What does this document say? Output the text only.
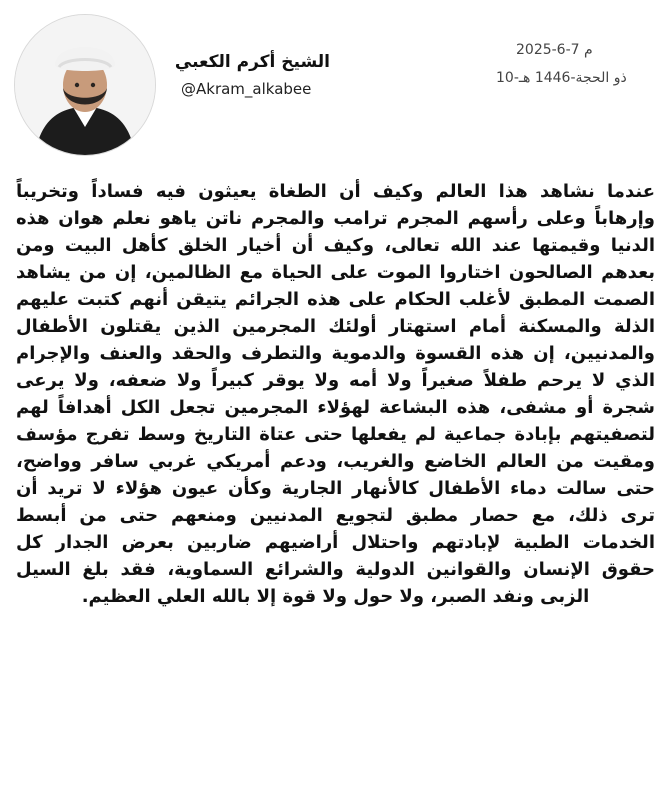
الشيخ أكرم الكعبي
@Akram_alkabee
2025-6-7 م
10-ذو الحجة-1446 هـ

عندما نشاهد هذا العالم وكيف أن الطغاة يعيثون فيه فساداً وتخريباً وإرهاباً وعلى رأسهم المجرم ترامب والمجرم ناتن ياهو نعلم هوان هذه الدنيا وقيمتها عند الله تعالى، وكيف أن أخيار الخلق كأهل البيت ومن بعدهم الصالحون اختاروا الموت على الحياة مع الظالمين، إن من يشاهد الصمت المطبق لأغلب الحكام على هذه الجرائم يتيقن أنهم كتبت عليهم الذلة والمسكنة أمام استهتار أولئك المجرمين الذين يقتلون الأطفال والمدنيين، إن هذه القسوة والدموية والتطرف والحقد والعنف والإجرام الذي لا يرحم طفلاً صغيراً ولا أمه ولا يوقر كبيراً ولا ضعفه، ولا يرعى شجرة أو مشفى، هذه البشاعة لهؤلاء المجرمين تجعل الكل أهدافاً لهم لتصفيتهم بإبادة جماعية لم يفعلها حتى عتاة التاريخ وسط تفرج مؤسف ومقيت من العالم الخاضع والغريب، ودعم أمريكي غربي سافر وواضح، حتى سالت دماء الأطفال كالأنهار الجارية وكأن عيون هؤلاء لا تريد أن ترى ذلك، مع حصار مطبق لتجويع المدنيين ومنعهم حتى من أبسط الخدمات الطبية لإبادتهم واحتلال أراضيهم ضاربين بعرض الجدار كل حقوق الإنسان والقوانين الدولية والشرائع السماوية، فقد بلغ السيل الزبى ونفد الصبر، ولا حول ولا قوة إلا بالله العلي العظيم.
